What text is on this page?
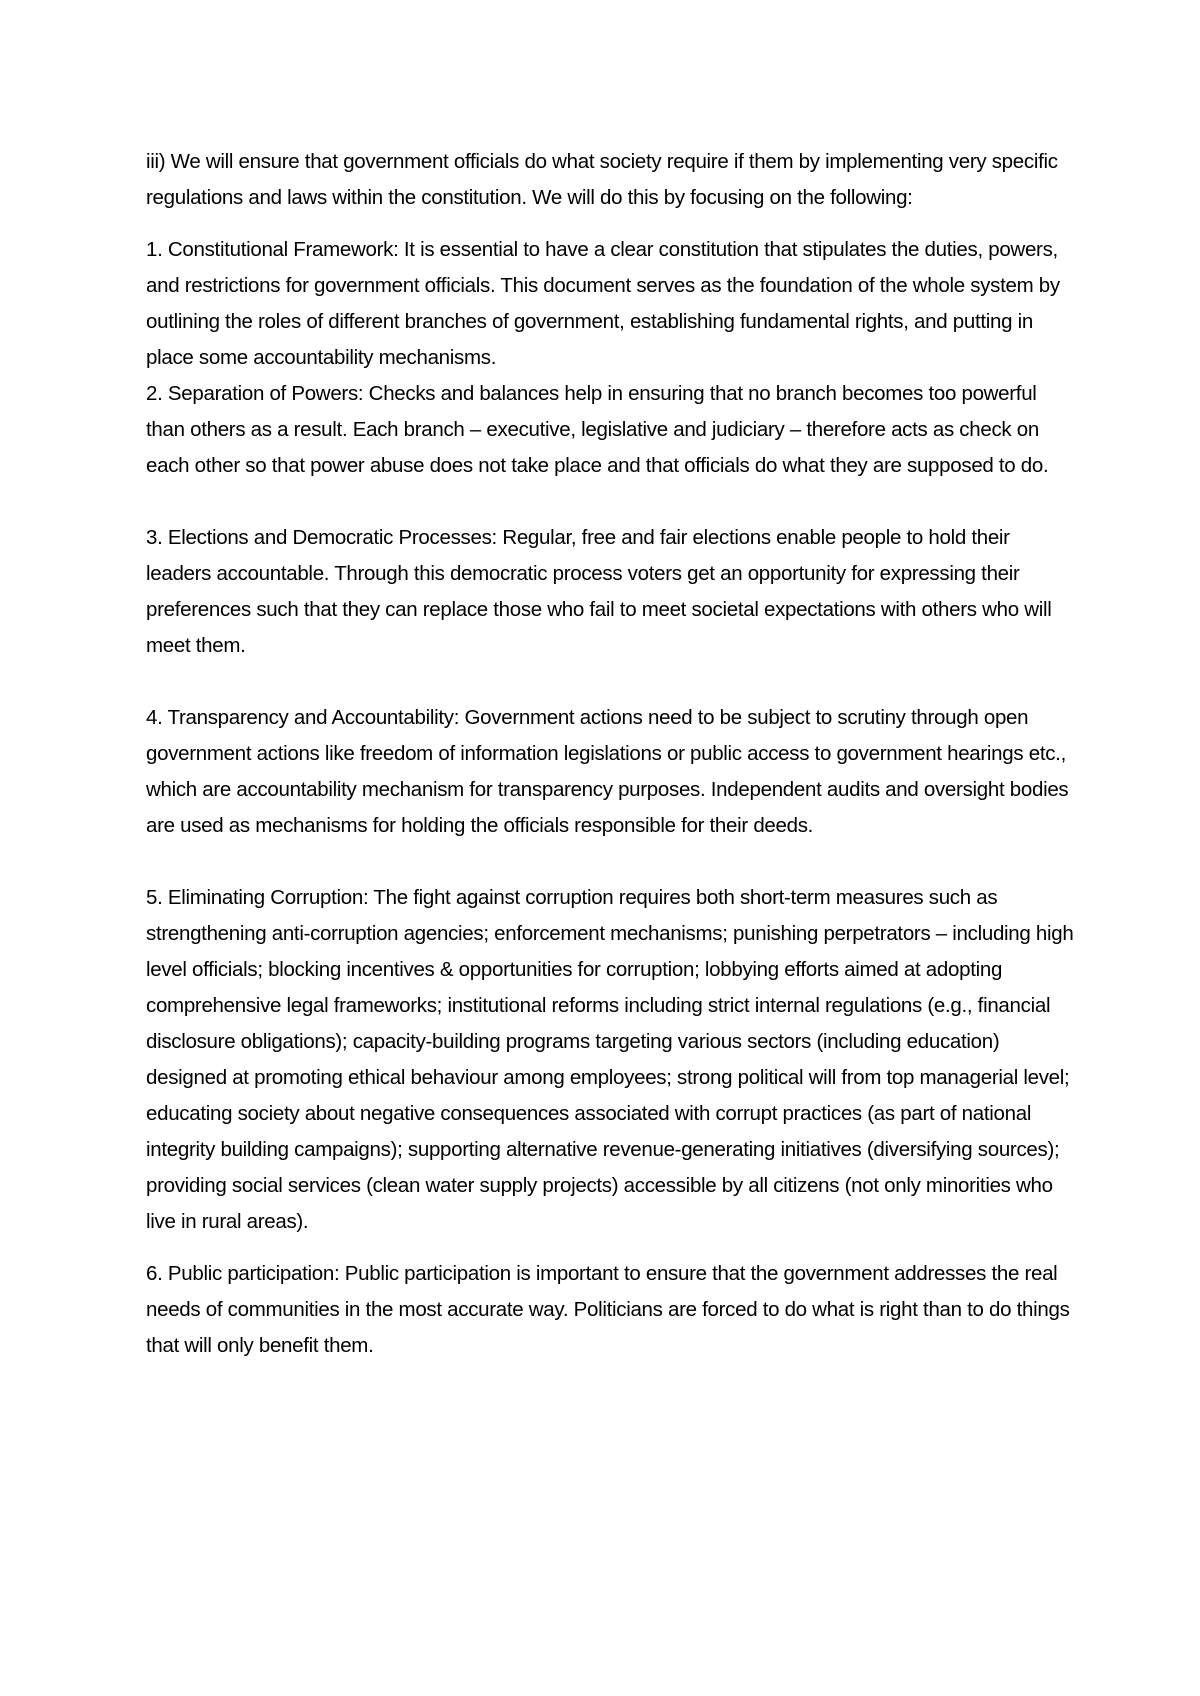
iii) We will ensure that government officials do what society require if them by implementing very specific regulations and laws within the constitution. We will do this by focusing on the following:

1. Constitutional Framework: It is essential to have a clear constitution that stipulates the duties, powers, and restrictions for government officials. This document serves as the foundation of the whole system by outlining the roles of different branches of government, establishing fundamental rights, and putting in place some accountability mechanisms.

2. Separation of Powers: Checks and balances help in ensuring that no branch becomes too powerful than others as a result. Each branch – executive, legislative and judiciary – therefore acts as check on each other so that power abuse does not take place and that officials do what they are supposed to do.

3. Elections and Democratic Processes: Regular, free and fair elections enable people to hold their leaders accountable. Through this democratic process voters get an opportunity for expressing their preferences such that they can replace those who fail to meet societal expectations with others who will meet them.

4. Transparency and Accountability: Government actions need to be subject to scrutiny through open government actions like freedom of information legislations or public access to government hearings etc., which are accountability mechanism for transparency purposes. Independent audits and oversight bodies are used as mechanisms for holding the officials responsible for their deeds.

5. Eliminating Corruption: The fight against corruption requires both short-term measures such as strengthening anti-corruption agencies; enforcement mechanisms; punishing perpetrators – including high level officials; blocking incentives & opportunities for corruption; lobbying efforts aimed at adopting comprehensive legal frameworks; institutional reforms including strict internal regulations (e.g., financial disclosure obligations); capacity-building programs targeting various sectors (including education) designed at promoting ethical behaviour among employees; strong political will from top managerial level; educating society about negative consequences associated with corrupt practices (as part of national integrity building campaigns); supporting alternative revenue-generating initiatives (diversifying sources); providing social services (clean water supply projects) accessible by all citizens (not only minorities who live in rural areas).

6. Public participation: Public participation is important to ensure that the government addresses the real needs of communities in the most accurate way. Politicians are forced to do what is right than to do things that will only benefit them.
